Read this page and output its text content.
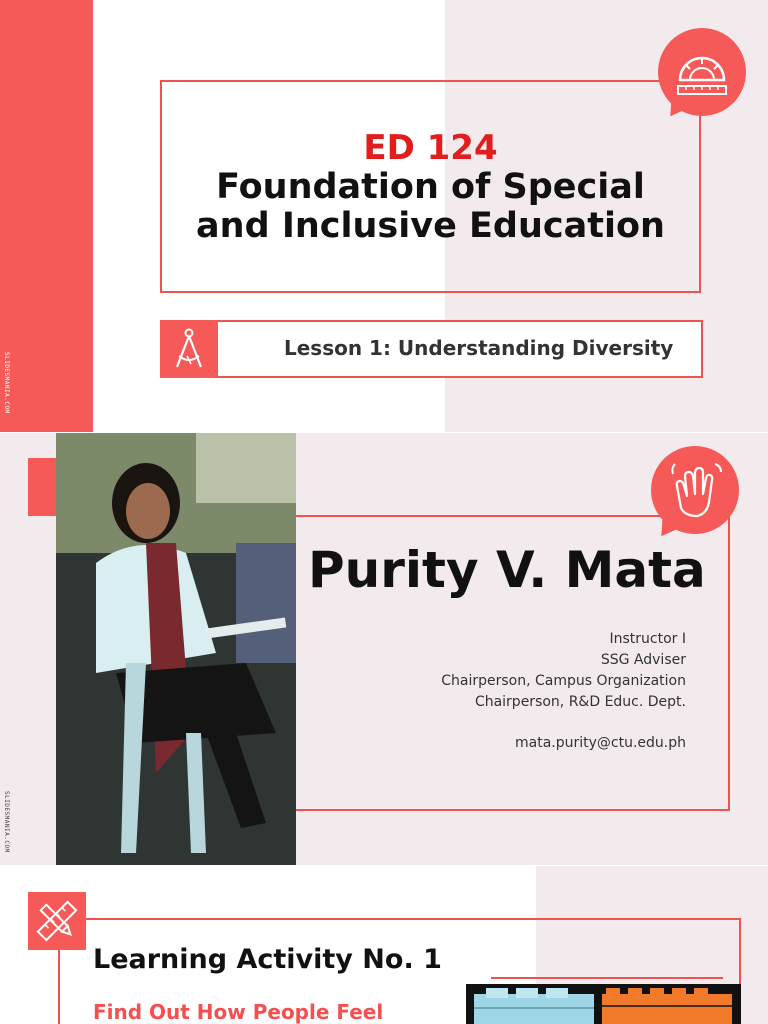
SLIDESMANIA.COM
ED 124
Foundation of Special
and Inclusive Education
Lesson 1: Understanding Diversity
SLIDESMANIA.COM
Purity V. Mata
Instructor I
SSG Adviser
Chairperson, Campus Organization
Chairperson, R&D Educ. Dept.
mata.purity@ctu.edu.ph
Learning Activity No. 1
Find Out How People Feel
